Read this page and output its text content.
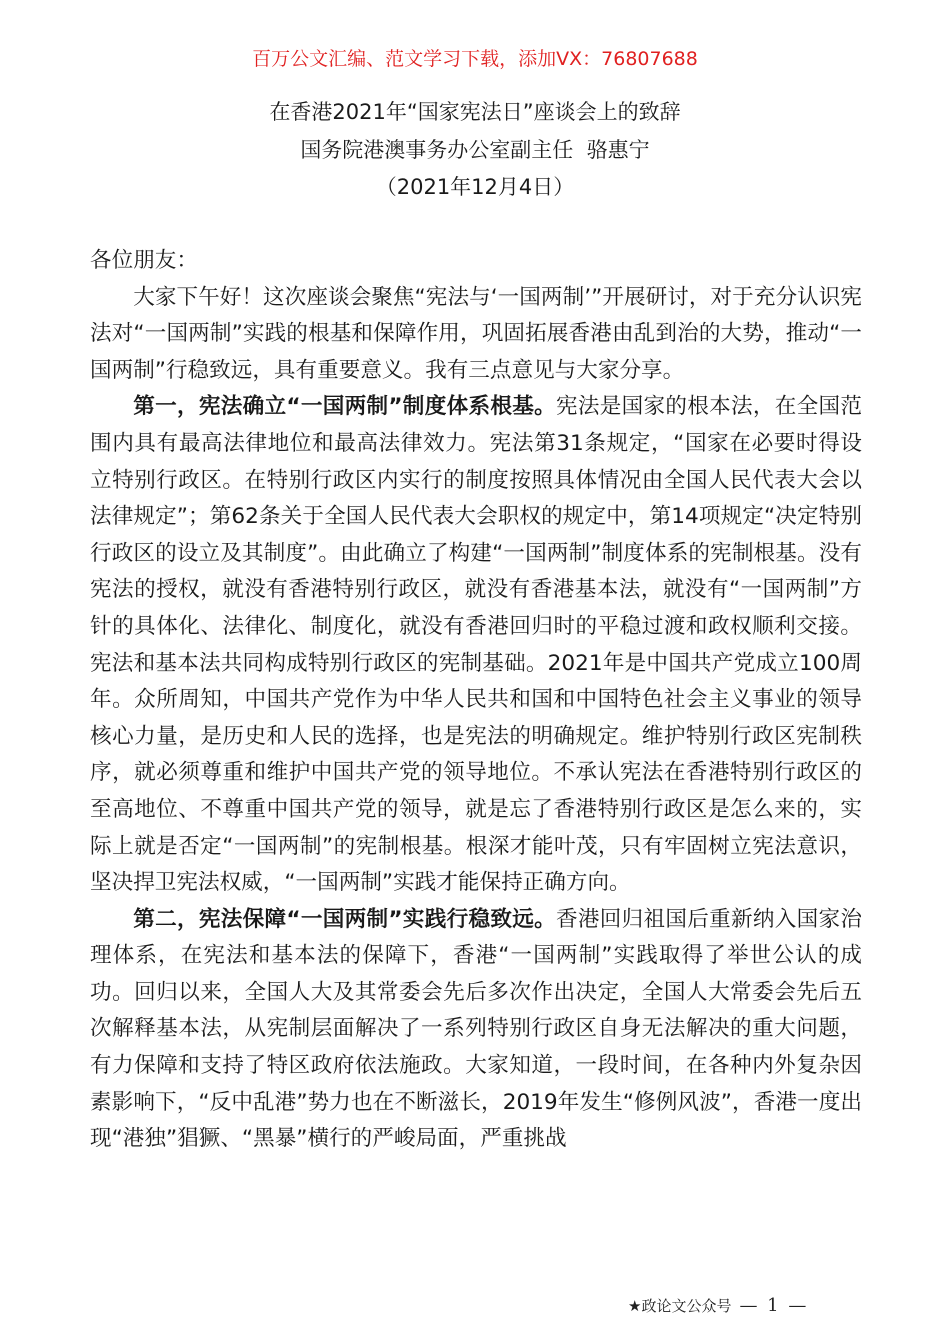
百万公文汇编、范文学习下载，添加VX：76807688
在香港2021年“国家宪法日”座谈会上的致辞
国务院港澳事务办公室副主任  骆惠宁
（2021年12月4日）

各位朋友：

大家下午好！这次座谈会聚焦“宪法与‘一国两制’”开展研讨，对于充分认识宪法对“一国两制”实践的根基和保障作用，巩固拓展香港由乱到治的大势，推动“一国两制”行稳致远，具有重要意义。我有三点意见与大家分享。

第一，宪法确立“一国两制”制度体系根基。宪法是国家的根本法，在全国范围内具有最高法律地位和最高法律效力。宪法第31条规定，“国家在必要时得设立特别行政区。在特别行政区内实行的制度按照具体情况由全国人民代表大会以法律规定”；第62条关于全国人民代表大会职权的规定中，第14项规定“决定特别行政区的设立及其制度”。由此确立了构建“一国两制”制度体系的宪制根基。没有宪法的授权，就没有香港特别行政区，就没有香港基本法，就没有“一国两制”方针的具体化、法律化、制度化，就没有香港回归时的平稳过渡和政权顺利交接。宪法和基本法共同构成特别行政区的宪制基础。2021年是中国共产党成立100周年。众所周知，中国共产党作为中华人民共和国和中国特色社会主义事业的领导核心力量，是历史和人民的选择，也是宪法的明确规定。维护特别行政区宪制秩序，就必须尊重和维护中国共产党的领导地位。不承认宪法在香港特别行政区的至高地位、不尊重中国共产党的领导，就是忘了香港特别行政区是怎么来的，实际上就是否定“一国两制”的宪制根基。根深才能叶茂，只有牢固树立宪法意识，坚决捍卫宪法权威，“一国两制”实践才能保持正确方向。

第二，宪法保障“一国两制”实践行稳致远。香港回归祖国后重新纳入国家治理体系，在宪法和基本法的保障下，香港“一国两制”实践取得了举世公认的成功。回归以来，全国人大及其常委会先后多次作出决定，全国人大常委会先后五次解释基本法，从宪制层面解决了一系列特别行政区自身无法解决的重大问题，有力保障和支持了特区政府依法施政。大家知道，一段时间，在各种内外复杂因素影响下，“反中乱港”势力也在不断滋长，2019年发生“修例风波”，香港一度出现“港独”猖獗、“黑暴”横行的严峻局面，严重挑战

★政论文公众号 — 1 —
